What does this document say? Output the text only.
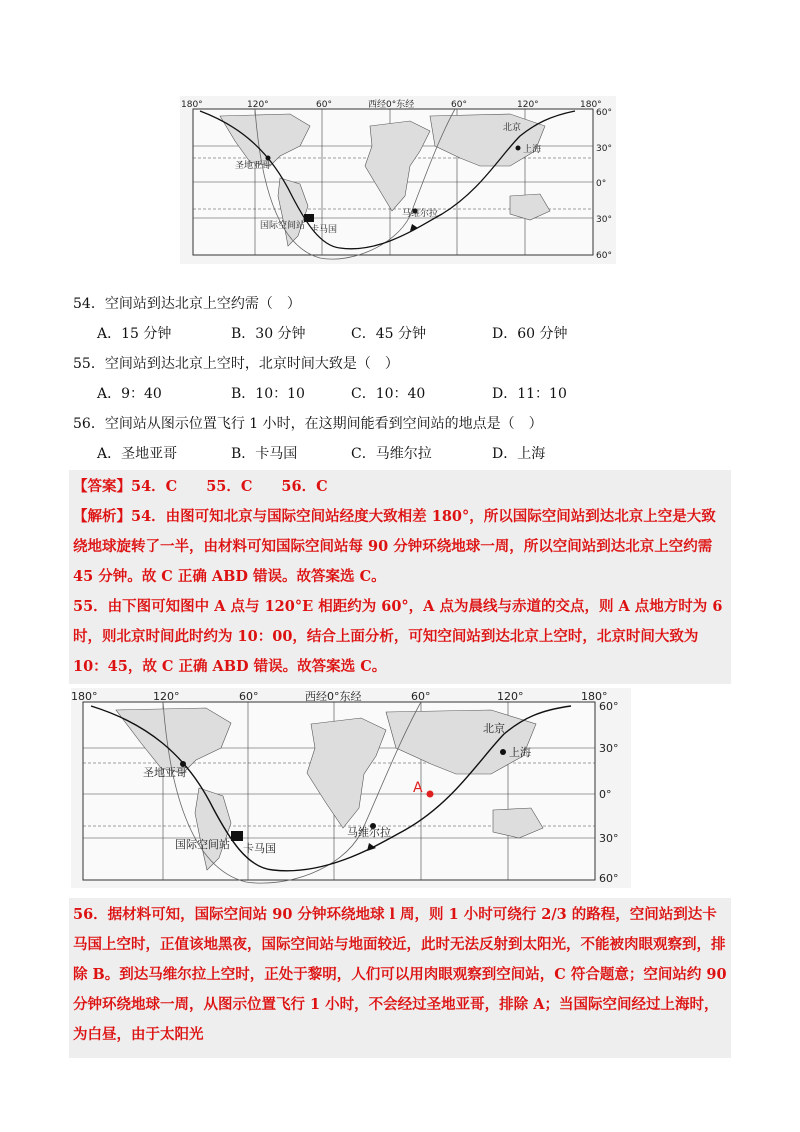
180°	120°	60°	西经0°东经	60°	120°	180°
60°
30°
0°
30°
60°
北京
上海
圣地亚哥
国际空间站 卡马国
马维尔拉
54．空间站到达北京上空约需（　）
A．15 分钟	B．30 分钟	C．45 分钟	D．60 分钟
55．空间站到达北京上空时，北京时间大致是（　）
A．9：40	B．10：10	C．10：40	D．11：10
56．空间站从图示位置飞行 1 小时，在这期间能看到空间站的地点是（　）
A．圣地亚哥	B．卡马国	C．马维尔拉	D．上海
【答案】54．C　　55．C　　56．C
【解析】54．由图可知北京与国际空间站经度大致相差 180°，所以国际空间站到达北京上空是大致绕地球旋转了一半，由材料可知国际空间站每 90 分钟环绕地球一周，所以空间站到达北京上空约需 45 分钟。故 C 正确 ABD 错误。故答案选 C。
55．由下图可知图中 A 点与 120°E 相距约为 60°，A 点为晨线与赤道的交点，则 A 点地方时为 6 时，则北京时间此时约为 10：00，结合上面分析，可知空间站到达北京上空时，北京时间大致为 10：45，故 C 正确 ABD 错误。故答案选 C。
A
180°	120°	60°	西经0°东经	60°	120°	180°
60°
30°
0°
30°
60°
北京
上海
圣地亚哥
国际空间站 卡马国
马维尔拉
56．据材料可知，国际空间站 90 分钟环绕地球 l 周，则 1 小时可绕行 2/3 的路程，空间站到达卡马国上空时，正值该地黑夜，国际空间站与地面较近，此时无法反射到太阳光，不能被肉眼观察到，排除 B。到达马维尔拉上空时，正处于黎明，人们可以用肉眼观察到空间站，C 符合题意；空间站约 90 分钟环绕地球一周，从图示位置飞行 1 小时，不会经过圣地亚哥，排除 A；当国际空间经过上海时，为白昼，由于太阳光
